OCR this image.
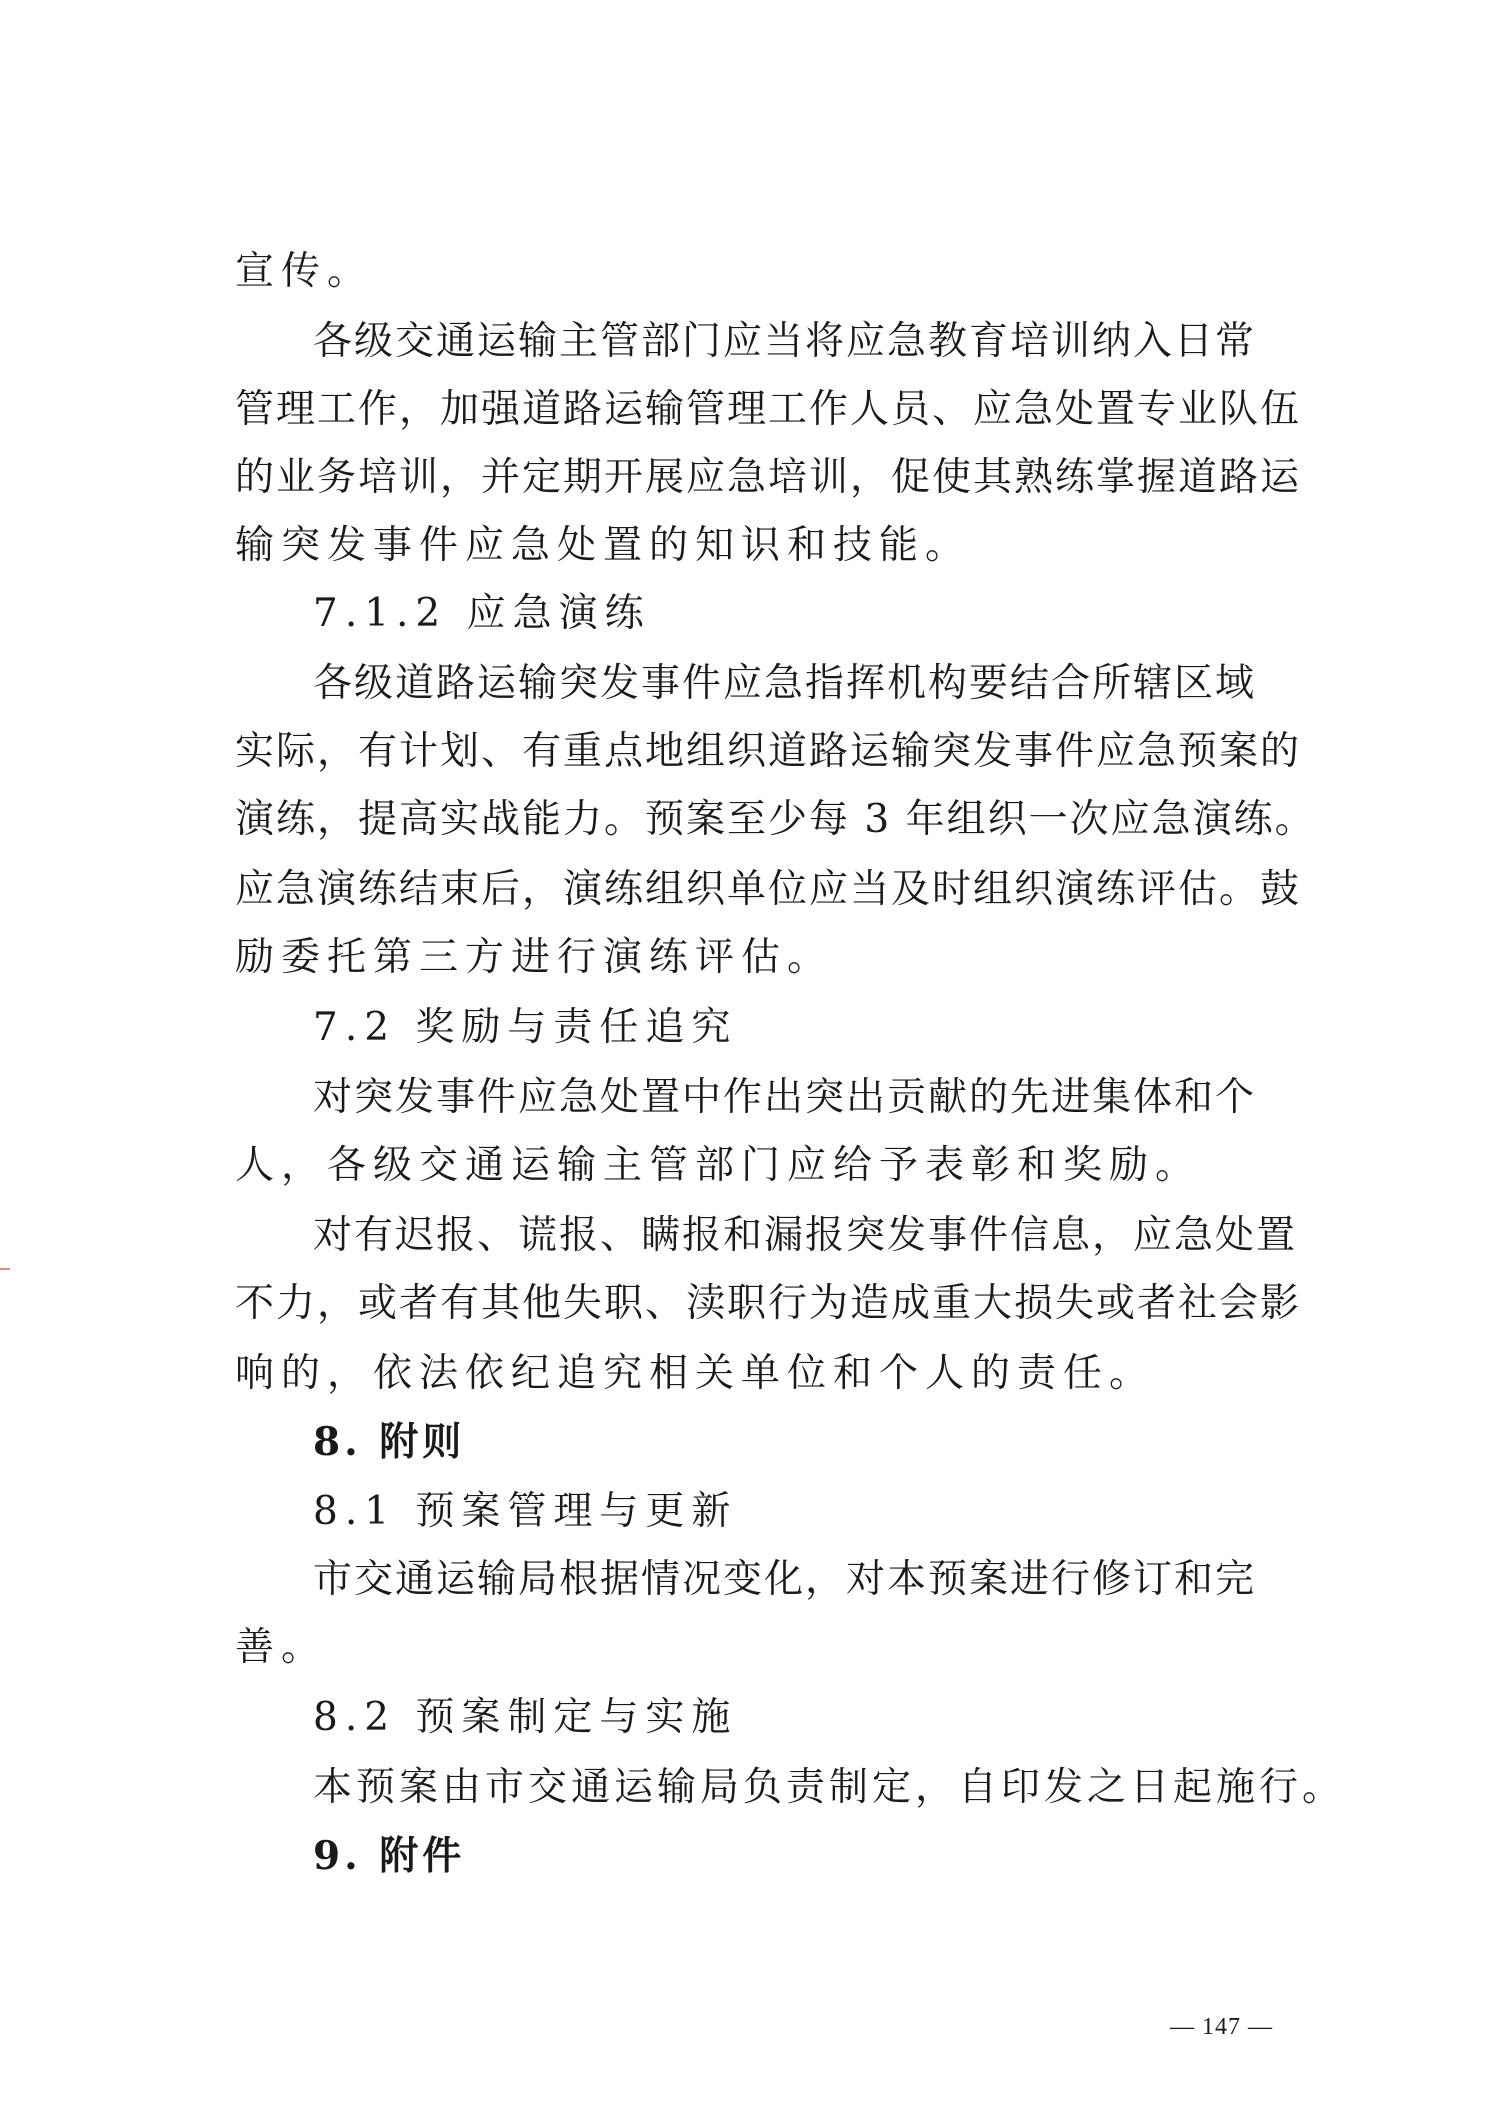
宣传。
各级交通运输主管部门应当将应急教育培训纳入日常
管理工作，加强道路运输管理工作人员、应急处置专业队伍
的业务培训，并定期开展应急培训，促使其熟练掌握道路运
输突发事件应急处置的知识和技能。
7.1.2 应急演练
各级道路运输突发事件应急指挥机构要结合所辖区域
实际，有计划、有重点地组织道路运输突发事件应急预案的
演练，提高实战能力。预案至少每 3 年组织一次应急演练。
应急演练结束后，演练组织单位应当及时组织演练评估。鼓
励委托第三方进行演练评估。
7.2 奖励与责任追究
对突发事件应急处置中作出突出贡献的先进集体和个
人，各级交通运输主管部门应给予表彰和奖励。
对有迟报、谎报、瞒报和漏报突发事件信息，应急处置
不力，或者有其他失职、渎职行为造成重大损失或者社会影
响的，依法依纪追究相关单位和个人的责任。
8. 附则
8.1 预案管理与更新
市交通运输局根据情况变化，对本预案进行修订和完
善。
8.2 预案制定与实施
本预案由市交通运输局负责制定，自印发之日起施行。
9. 附件
— 147 —
